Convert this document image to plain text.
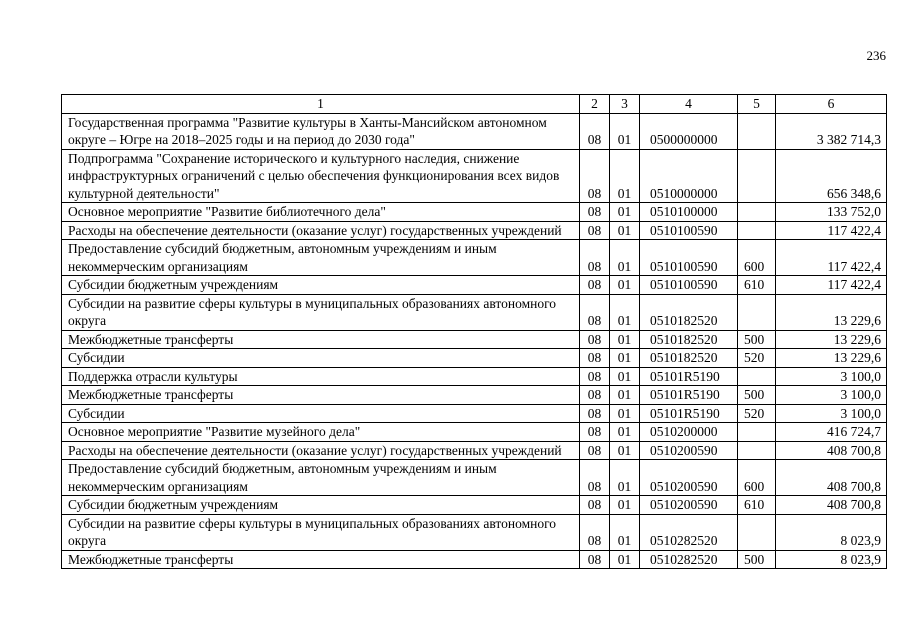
236
1	2	3	4	5	6
Государственная программа "Развитие культуры в Ханты-Мансийском автономном округе – Югре на 2018–2025 годы и на период до 2030 года"	08	01	0500000000		3 382 714,3
Подпрограмма "Сохранение исторического и культурного наследия, снижение инфраструктурных ограничений с целью обеспечения функционирования всех видов культурной деятельности"	08	01	0510000000		656 348,6
Основное мероприятие "Развитие библиотечного дела"	08	01	0510100000		133 752,0
Расходы на обеспечение деятельности (оказание услуг) государственных учреждений	08	01	0510100590		117 422,4
Предоставление субсидий бюджетным, автономным учреждениям и иным некоммерческим организациям	08	01	0510100590	600	117 422,4
Субсидии бюджетным учреждениям	08	01	0510100590	610	117 422,4
Субсидии на развитие сферы культуры в муниципальных образованиях автономного округа	08	01	0510182520		13 229,6
Межбюджетные трансферты	08	01	0510182520	500	13 229,6
Субсидии	08	01	0510182520	520	13 229,6
Поддержка отрасли культуры	08	01	05101R5190		3 100,0
Межбюджетные трансферты	08	01	05101R5190	500	3 100,0
Субсидии	08	01	05101R5190	520	3 100,0
Основное мероприятие "Развитие музейного дела"	08	01	0510200000		416 724,7
Расходы на обеспечение деятельности (оказание услуг) государственных учреждений	08	01	0510200590		408 700,8
Предоставление субсидий бюджетным, автономным учреждениям и иным некоммерческим организациям	08	01	0510200590	600	408 700,8
Субсидии бюджетным учреждениям	08	01	0510200590	610	408 700,8
Субсидии на развитие сферы культуры в муниципальных образованиях автономного округа	08	01	0510282520		8 023,9
Межбюджетные трансферты	08	01	0510282520	500	8 023,9
